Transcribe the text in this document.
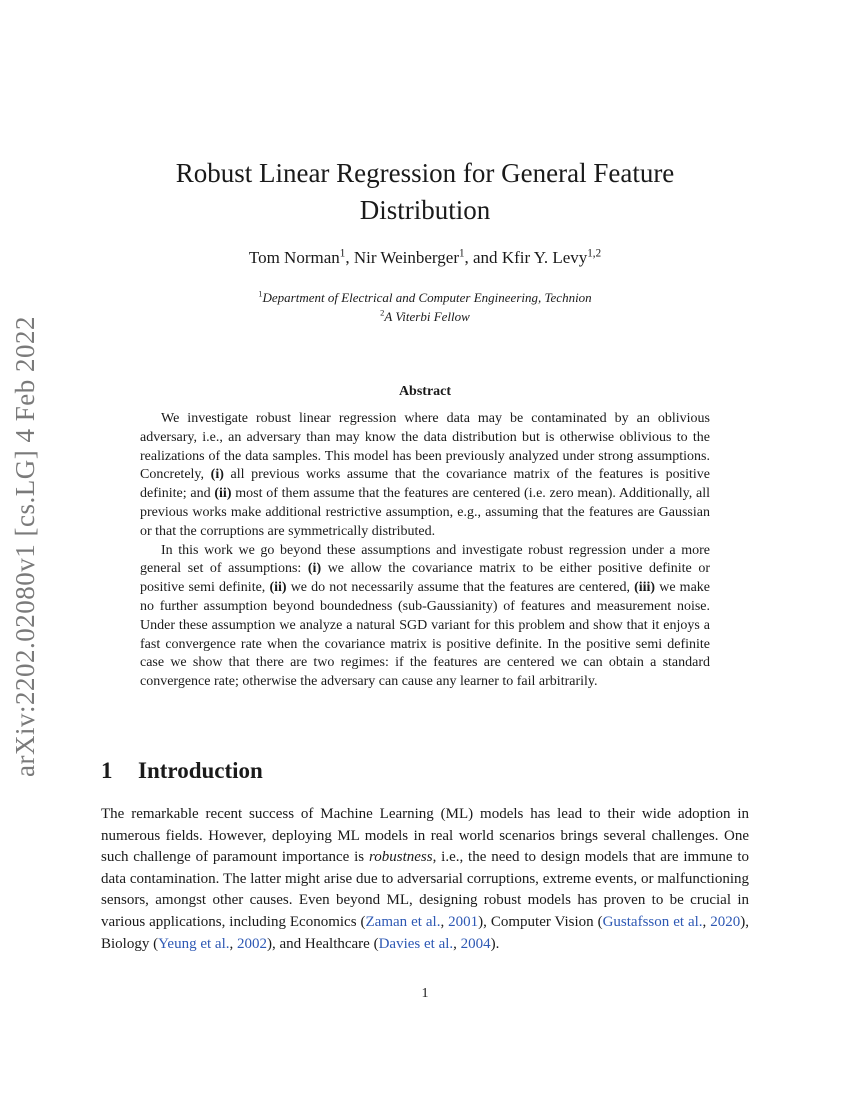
arXiv:2202.02080v1 [cs.LG] 4 Feb 2022
Robust Linear Regression for General Feature
Distribution
Tom Norman$^1$, Nir Weinberger$^1$, and Kfir Y. Levy$^{1,2}$
$^1$Department of Electrical and Computer Engineering, Technion
$^2$A Viterbi Fellow
Abstract

We investigate robust linear regression where data may be contaminated by an oblivious adversary, i.e., an adversary than may know the data distribution but is otherwise oblivious to the realizations of the data samples. This model has been previously analyzed under strong assumptions. Concretely, (i) all previous works assume that the covariance matrix of the features is positive definite; and (ii) most of them assume that the features are centered (i.e. zero mean). Additionally, all previous works make additional restrictive assumption, e.g., assuming that the features are Gaussian or that the corruptions are symmetrically distributed.

In this work we go beyond these assumptions and investigate robust regression under a more general set of assumptions: (i) we allow the covariance matrix to be either positive definite or positive semi definite, (ii) we do not necessarily assume that the features are centered, (iii) we make no further assumption beyond boundedness (sub-Gaussianity) of features and measurement noise. Under these assumption we analyze a natural SGD variant for this problem and show that it enjoys a fast convergence rate when the covariance matrix is positive definite. In the positive semi definite case we show that there are two regimes: if the features are centered we can obtain a standard convergence rate; otherwise the adversary can cause any learner to fail arbitrarily.

1 Introduction

The remarkable recent success of Machine Learning (ML) models has lead to their wide adoption in numerous fields. However, deploying ML models in real world scenarios brings several challenges. One such challenge of paramount importance is robustness, i.e., the need to design models that are immune to data contamination. The latter might arise due to adversarial corruptions, extreme events, or malfunctioning sensors, amongst other causes. Even beyond ML, designing robust models has proven to be crucial in various applications, including Economics (Zaman et al., 2001), Computer Vision (Gustafsson et al., 2020), Biology (Yeung et al., 2002), and Healthcare (Davies et al., 2004).

1
